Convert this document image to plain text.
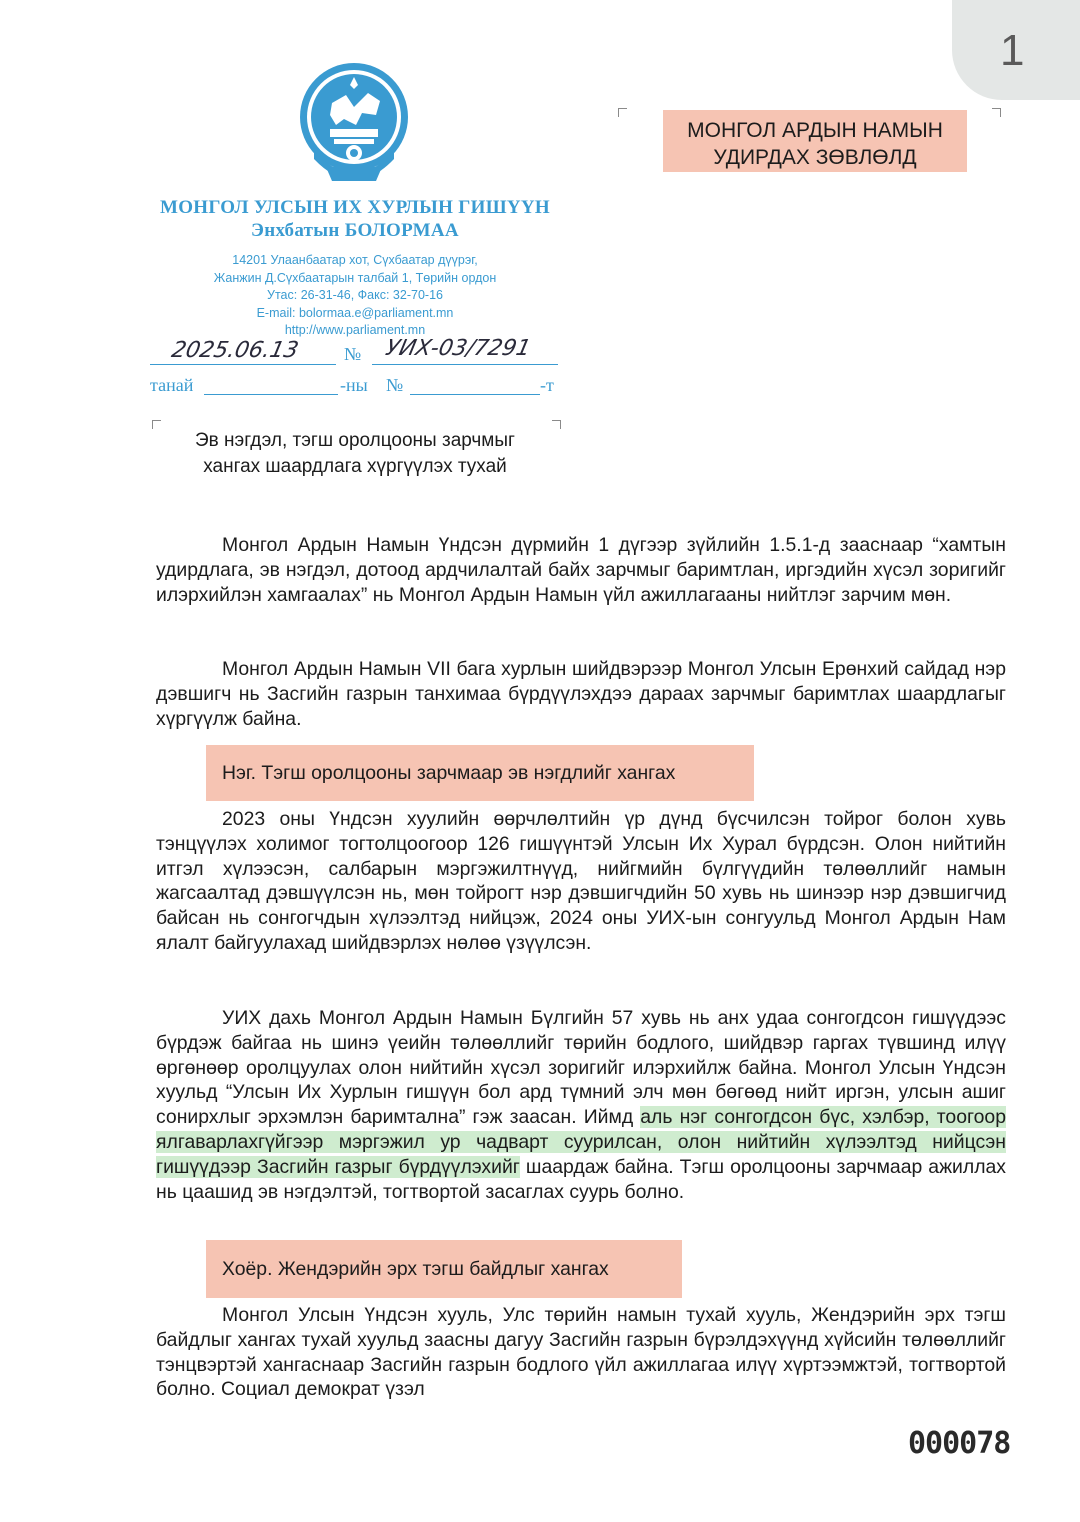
1
МОНГОЛ УЛСЫН ИХ ХУРЛЫН ГИШҮҮН
Энхбатын БОЛОРМАА
14201 Улаанбаатар хот, Сүхбаатар дүүрэг,
Жанжин Д.Сүхбаатарын талбай 1, Төрийн ордон
Утас: 26-31-46, Факс: 32-70-16
E-mail: bolormaa.e@parliament.mn
http://www.parliament.mn
2025.06.13 № УИХ-03/7291
танай	-ны №	-т
МОНГОЛ АРДЫН НАМЫН
УДИРДАХ ЗӨВЛӨЛД
Эв нэгдэл, тэгш оролцооны зарчмыг
хангах шаардлага хүргүүлэх тухай

Монгол Ардын Намын Үндсэн дүрмийн 1 дүгээр зүйлийн 1.5.1-д зааснаар “хамтын удирдлага, эв нэгдэл, дотоод ардчилалтай байх зарчмыг баримтлан, иргэдийн хүсэл зоригийг илэрхийлэн хамгаалах” нь Монгол Ардын Намын үйл ажиллагааны нийтлэг зарчим мөн.

Монгол Ардын Намын VII бага хурлын шийдвэрээр Монгол Улсын Ерөнхий сайдад нэр дэвшигч нь Засгийн газрын танхимаа бүрдүүлэхдээ дараах зарчмыг баримтлах шаардлагыг хүргүүлж байна.

Нэг. Тэгш оролцооны зарчмаар эв нэгдлийг хангах

2023 оны Үндсэн хуулийн өөрчлөлтийн үр дүнд бүсчилсэн тойрог болон хувь тэнцүүлэх холимог тогтолцоогоор 126 гишүүнтэй Улсын Их Хурал бүрдсэн. Олон нийтийн итгэл хүлээсэн, салбарын мэргэжилтнүүд, нийгмийн бүлгүүдийн төлөөллийг намын жагсаалтад дэвшүүлсэн нь, мөн тойрогт нэр дэвшигчдийн 50 хувь нь шинээр нэр дэвшигчид байсан нь сонгогчдын хүлээлтэд нийцэж, 2024 оны УИХ-ын сонгуульд Монгол Ардын Нам ялалт байгуулахад шийдвэрлэх нөлөө үзүүлсэн.

УИХ дахь Монгол Ардын Намын Бүлгийн 57 хувь нь анх удаа сонгогдсон гишүүдээс бүрдэж байгаа нь шинэ үеийн төлөөллийг төрийн бодлого, шийдвэр гаргах түвшинд илүү өргөнөөр оролцуулах олон нийтийн хүсэл зоригийг илэрхийлж байна. Монгол Улсын Үндсэн хуульд “Улсын Их Хурлын гишүүн бол ард түмний элч мөн бөгөөд нийт иргэн, улсын ашиг сонирхлыг эрхэмлэн баримтална” гэж заасан. Иймд аль нэг сонгогдсон бүс, хэлбэр, тоогоор ялгаварлахгүйгээр мэргэжил ур чадварт суурилсан, олон нийтийн хүлээлтэд нийцсэн гишүүдээр Засгийн газрыг бүрдүүлэхийг шаардаж байна. Тэгш оролцооны зарчмаар ажиллах нь цаашид эв нэгдэлтэй, тогтвортой засаглах суурь болно.

Хоёр. Жендэрийн эрх тэгш байдлыг хангах

Монгол Улсын Үндсэн хууль, Улс төрийн намын тухай хууль, Жендэрийн эрх тэгш байдлыг хангах тухай хуульд заасны дагуу Засгийн газрын бүрэлдэхүүнд хүйсийн төлөөллийг тэнцвэртэй хангаснаар Засгийн газрын бодлого үйл ажиллагаа илүү хүртээмжтэй, тогтвортой болно. Социал демократ үзэл

000078
